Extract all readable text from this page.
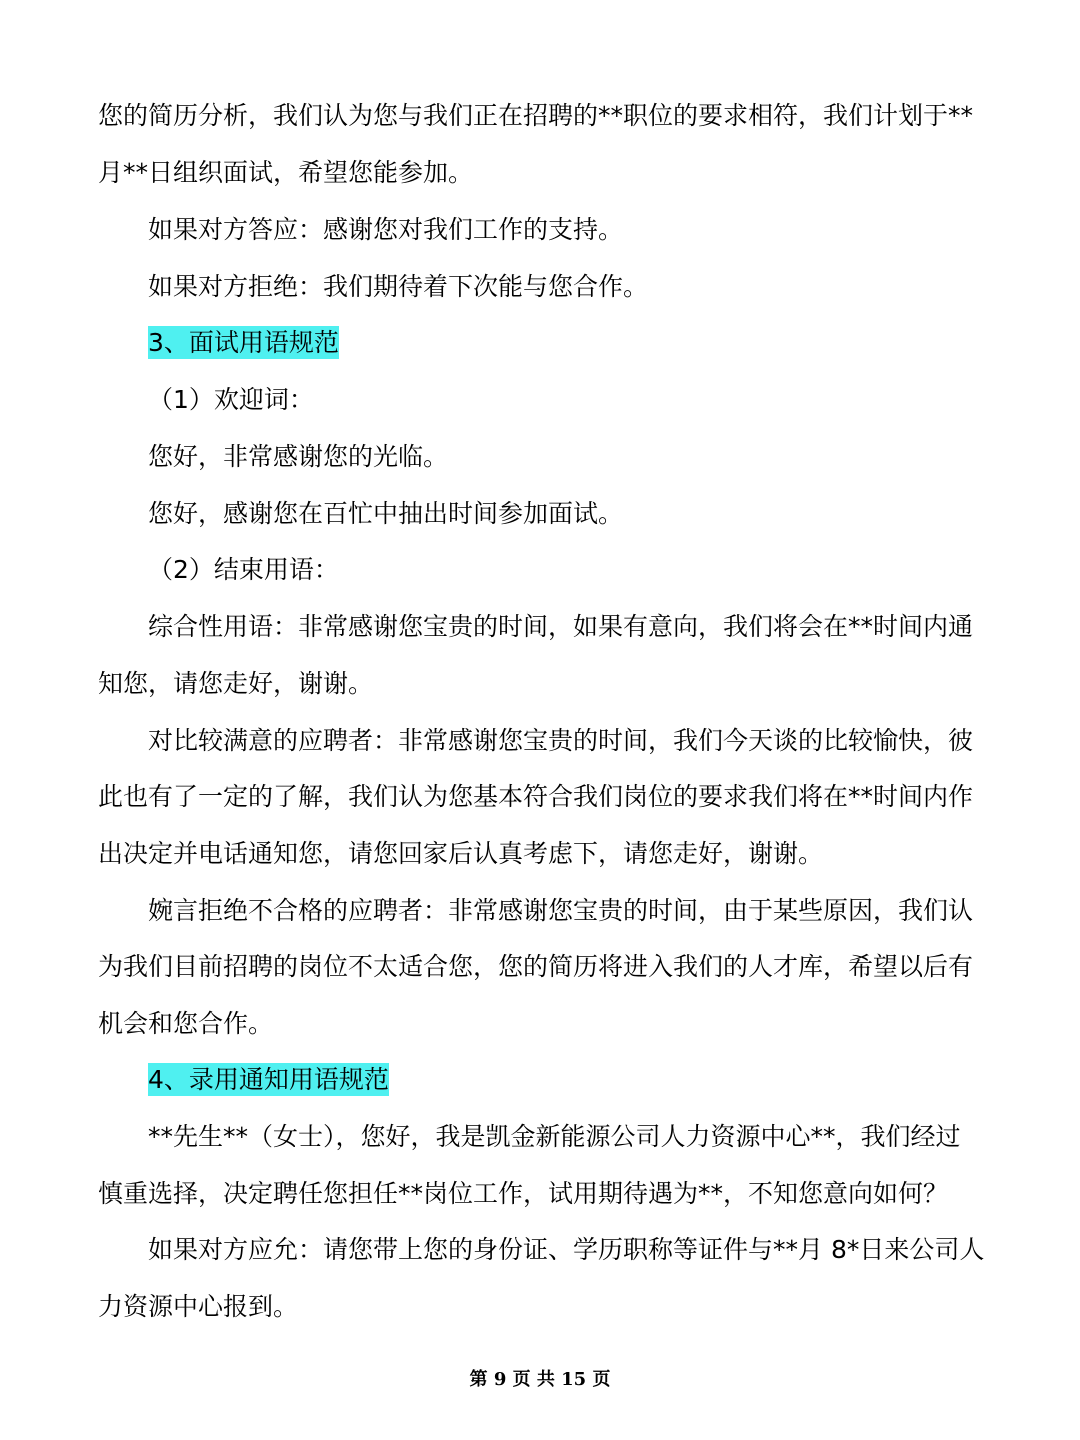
您的简历分析，我们认为您与我们正在招聘的**职位的要求相符，我们计划于**
月**日组织面试，希望您能参加。
如果对方答应：感谢您对我们工作的支持。
如果对方拒绝：我们期待着下次能与您合作。
3、面试用语规范
（1）欢迎词：
您好，非常感谢您的光临。
您好，感谢您在百忙中抽出时间参加面试。
（2）结束用语：
综合性用语：非常感谢您宝贵的时间，如果有意向，我们将会在**时间内通
知您，请您走好，谢谢。
对比较满意的应聘者：非常感谢您宝贵的时间，我们今天谈的比较愉快，彼
此也有了一定的了解，我们认为您基本符合我们岗位的要求我们将在**时间内作
出决定并电话通知您，请您回家后认真考虑下，请您走好，谢谢。
婉言拒绝不合格的应聘者：非常感谢您宝贵的时间，由于某些原因，我们认
为我们目前招聘的岗位不太适合您，您的简历将进入我们的人才库，希望以后有
机会和您合作。
4、录用通知用语规范
**先生**（女士），您好，我是凯金新能源公司人力资源中心**，我们经过
慎重选择，决定聘任您担任**岗位工作，试用期待遇为**，不知您意向如何？
如果对方应允：请您带上您的身份证、学历职称等证件与**月 8*日来公司人
力资源中心报到。
第 9 页 共 15 页
